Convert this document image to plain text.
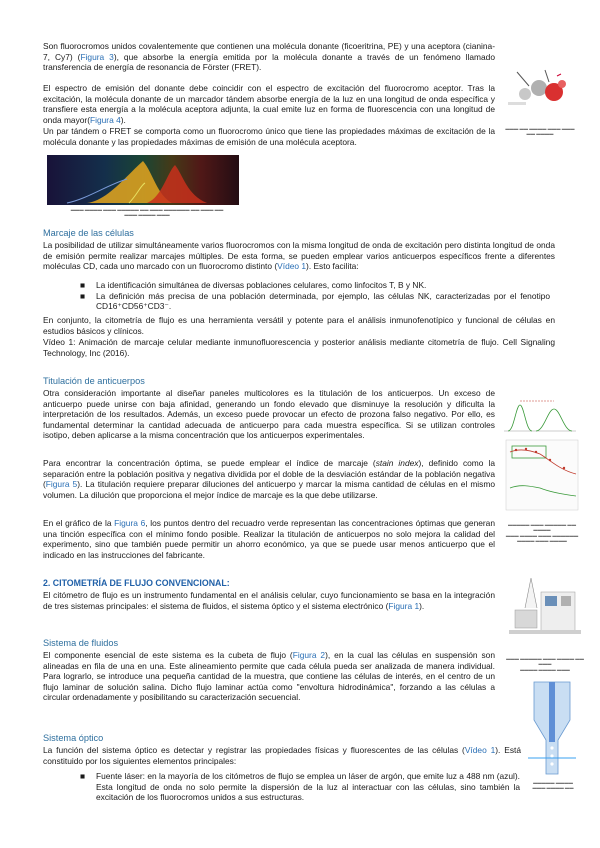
Son fluorocromos unidos covalentemente que contienen una molécula donante (ficoeritrina, PE) y una aceptora (cianina-7, Cy7) (Figura 3), que absorbe la energía emitida por la molécula donante a través de un fenómeno llamado transferencia de energía de resonancia de Förster (FRET).

El espectro de emisión del donante debe coincidir con el espectro de excitación del fluorocromo aceptor. Tras la excitación, la molécula donante de un marcador tándem absorbe energía de la luz en una longitud de onda específica y transfiere esta energía a la molécula aceptora adjunta, la cual emite luz en forma de fluorescencia con una longitud de onda mayor(Figura 4).

Un par tándem o FRET se comporta como un fluorocromo único que tiene las propiedades máximas de excitación de la molécula donante y las propiedades máximas de emisión de una molécula aceptora.

▬▬▬ ▬▬ ▬▬▬▬ ▬▬▬ ▬▬▬
▬▬ ▬▬▬▬
▬▬▬ ▬▬▬▬ ▬▬▬ ▬▬▬▬▬ ▬▬ ▬▬▬ ▬▬▬▬▬▬ ▬▬ ▬▬▬ ▬▬
▬▬▬ ▬▬▬▬ ▬▬▬
Marcaje de las células

La posibilidad de utilizar simultáneamente varios fluorocromos con la misma longitud de onda de excitación pero distinta longitud de onda de emisión permite realizar marcajes múltiples. De esta forma, se pueden emplear varios anticuerpos específicos frente a diferentes moléculas CD, cada uno marcado con un fluorocromo distinto (Vídeo 1). Esto facilita:

■ La identificación simultánea de diversas poblaciones celulares, como linfocitos T, B y NK.
■ La definición más precisa de una población determinada, por ejemplo, las células NK, caracterizadas por el fenotipo CD16⁺CD56⁺CD3⁻.

En conjunto, la citometría de flujo es una herramienta versátil y potente para el análisis inmunofenotípico y funcional de células en estudios básicos y clínicos.

Vídeo 1: Animación de marcaje celular mediante inmunofluorescencia y posterior análisis mediante citometría de flujo. Cell Signaling Technology, Inc (2016).

Titulación de anticuerpos

Otra consideración importante al diseñar paneles multicolores es la titulación de los anticuerpos. Un exceso de anticuerpo puede unirse con baja afinidad, generando un fondo elevado que disminuye la resolución y dificulta la interpretación de los resultados. Además, un exceso puede provocar un efecto de prozona falso negativo. Por ello, es fundamental determinar la cantidad adecuada de anticuerpo para cada muestra específica. Si se utilizan controles isotipo, deben aplicarse a la misma concentración que los anticuerpos experimentales.

Para encontrar la concentración óptima, se puede emplear el índice de marcaje (stain index), definido como la separación entre la población positiva y negativa dividida por el doble de la desviación estándar de la población negativa (Figura 5). La titulación requiere preparar diluciones del anticuerpo y marcar la misma cantidad de células en el mismo volumen. La dilución que proporciona el mejor índice de marcaje es la que debe utilizarse.

En el gráfico de la Figura 6, los puntos dentro del recuadro verde representan las concentraciones óptimas que generan una tinción específica con el mínimo fondo posible. Realizar la titulación de anticuerpos no solo mejora la calidad del experimento, sino que también puede permitir un ahorro económico, ya que se puede usar menos anticuerpo que el indicado en las instrucciones del fabricante.

▬▬▬▬▬ ▬▬▬ ▬▬▬▬▬ ▬▬ ▬▬▬▬
▬▬▬ ▬▬▬▬ ▬▬▬ ▬▬▬▬▬▬
▬▬▬▬ ▬▬▬ ▬▬▬▬
2. CITOMETRÍA DE FLUJO CONVENCIONAL:

El citómetro de flujo es un instrumento fundamental en el análisis celular, cuyo funcionamiento se basa en la integración de tres sistemas principales: el sistema de fluidos, el sistema óptico y el sistema electrónico (Figura 1).

▬▬▬ ▬▬▬▬▬ ▬▬▬ ▬▬▬▬ ▬▬ ▬▬▬
▬▬▬▬ ▬▬▬▬ ▬▬▬
Sistema de fluidos

El componente esencial de este sistema es la cubeta de flujo (Figura 2), en la cual las células en suspensión son alineadas en fila de una en una. Este alineamiento permite que cada célula pueda ser analizada de manera individual. Para lograrlo, se introduce una pequeña cantidad de la muestra, que contiene las células de interés, en el centro de un flujo laminar de solución salina. Dicho flujo laminar actúa como "envoltura hidrodinámica", forzando a las células a circular ordenadamente y posibilitando su caracterización secuencial.

▬▬▬▬▬ ▬▬▬▬
▬▬▬ ▬▬▬▬ ▬▬
Sistema óptico

La función del sistema óptico es detectar y registrar las propiedades físicas y fluorescentes de las células (Vídeo 1). Está constituido por los siguientes elementos principales:

■ Fuente láser: en la mayoría de los citómetros de flujo se emplea un láser de argón, que emite luz a 488 nm (azul). Esta longitud de onda no solo permite la dispersión de la luz al interactuar con las células, sino también la excitación de los fluorocromos unidos a sus estructuras.
